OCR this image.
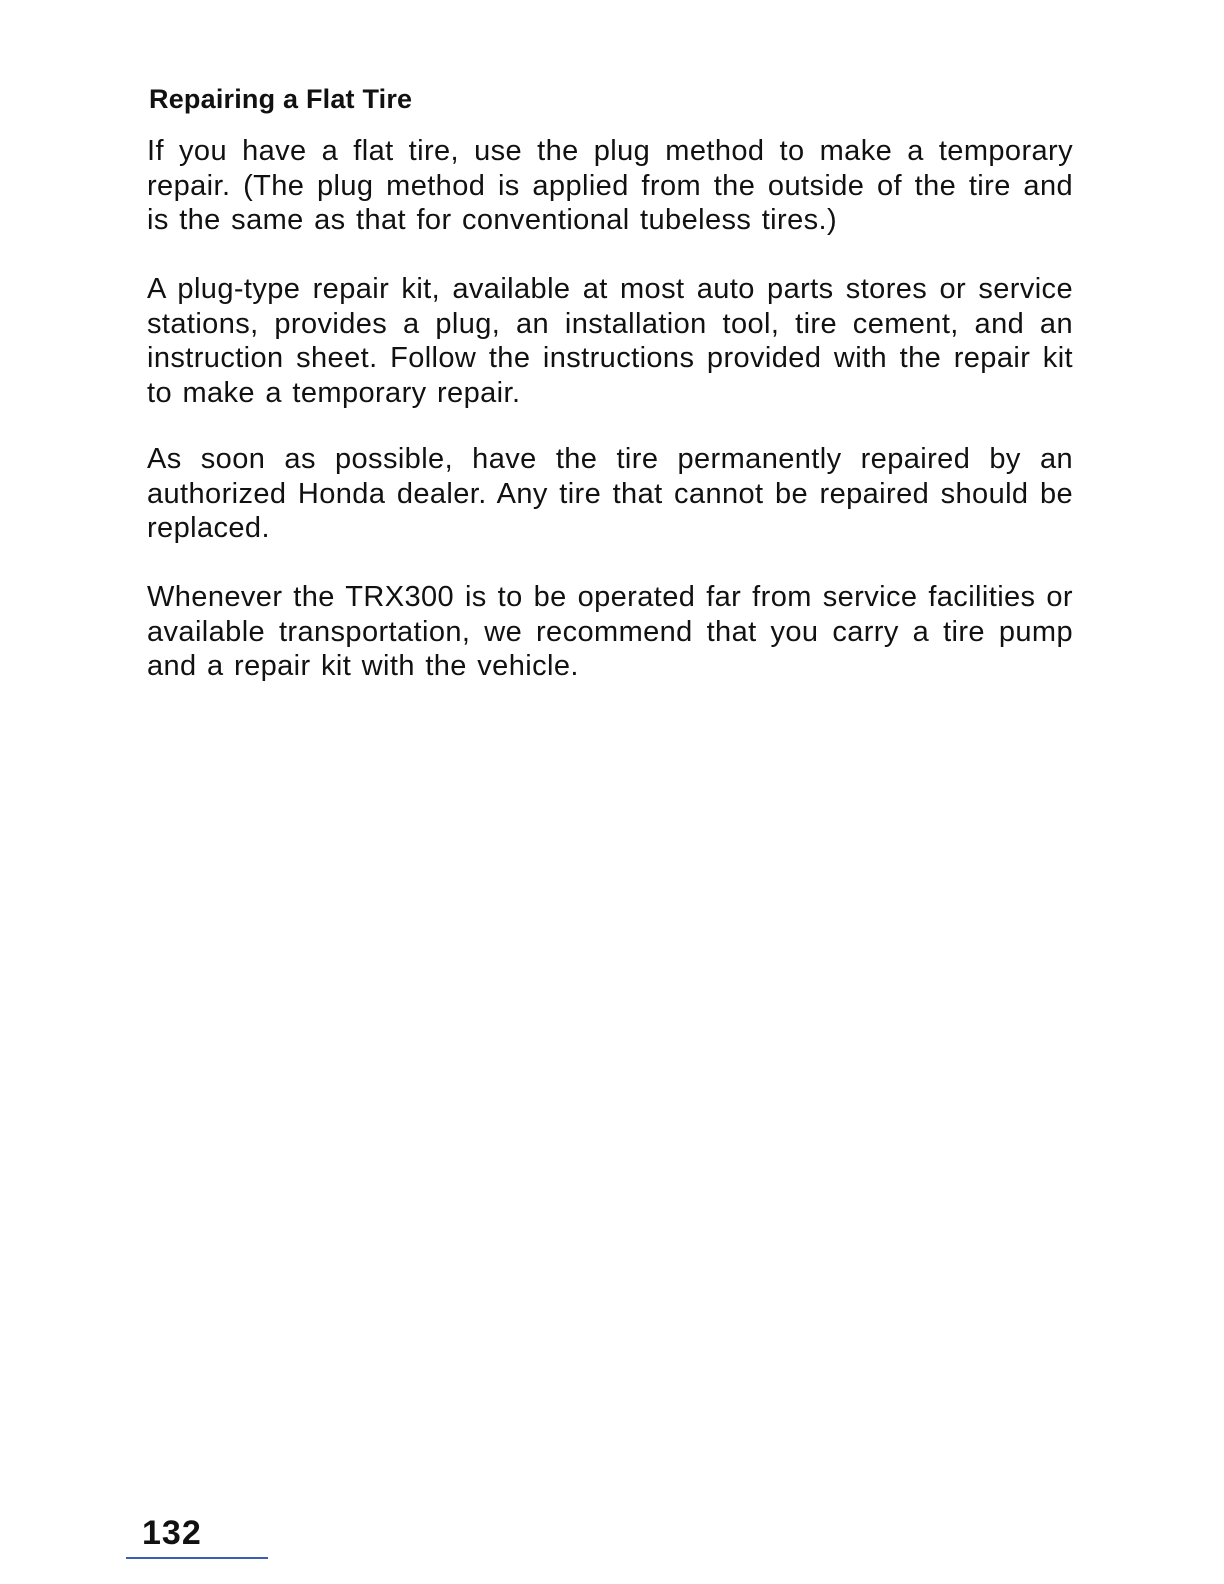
Repairing a Flat Tire

If you have a flat tire, use the plug method to make a temporary repair. (The plug method is applied from the outside of the tire and is the same as that for conventional tubeless tires.)

A plug-type repair kit, available at most auto parts stores or service stations, provides a plug, an installation tool, tire cement, and an instruction sheet. Follow the instructions provided with the repair kit to make a temporary repair.

As soon as possible, have the tire permanently repaired by an authorized Honda dealer. Any tire that cannot be repaired should be replaced.

Whenever the TRX300 is to be operated far from service facilities or available transportation, we recommend that you carry a tire pump and a repair kit with the vehicle.

132
